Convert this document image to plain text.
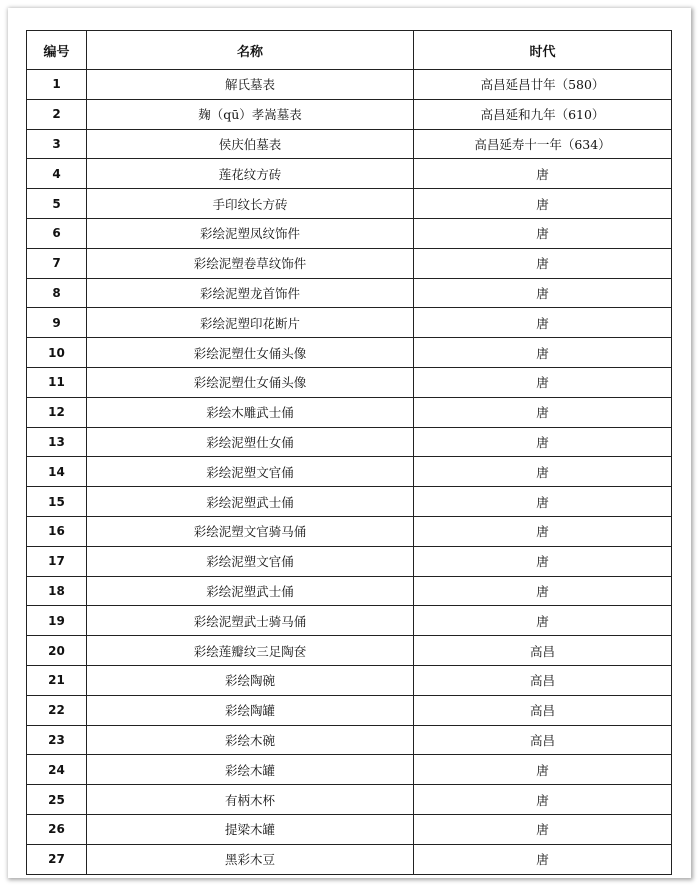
编号	名称	时代
1	解氏墓表	高昌延昌廿年（580）
2	麹（qū）孝嵩墓表	高昌延和九年（610）
3	侯庆伯墓表	高昌延寿十一年（634）
4	莲花纹方砖	唐
5	手印纹长方砖	唐
6	彩绘泥塑凤纹饰件	唐
7	彩绘泥塑卷草纹饰件	唐
8	彩绘泥塑龙首饰件	唐
9	彩绘泥塑印花断片	唐
10	彩绘泥塑仕女俑头像	唐
11	彩绘泥塑仕女俑头像	唐
12	彩绘木雕武士俑	唐
13	彩绘泥塑仕女俑	唐
14	彩绘泥塑文官俑	唐
15	彩绘泥塑武士俑	唐
16	彩绘泥塑文官骑马俑	唐
17	彩绘泥塑文官俑	唐
18	彩绘泥塑武士俑	唐
19	彩绘泥塑武士骑马俑	唐
20	彩绘莲瓣纹三足陶奁	高昌
21	彩绘陶碗	高昌
22	彩绘陶罐	高昌
23	彩绘木碗	高昌
24	彩绘木罐	唐
25	有柄木杯	唐
26	提梁木罐	唐
27	黑彩木豆	唐
